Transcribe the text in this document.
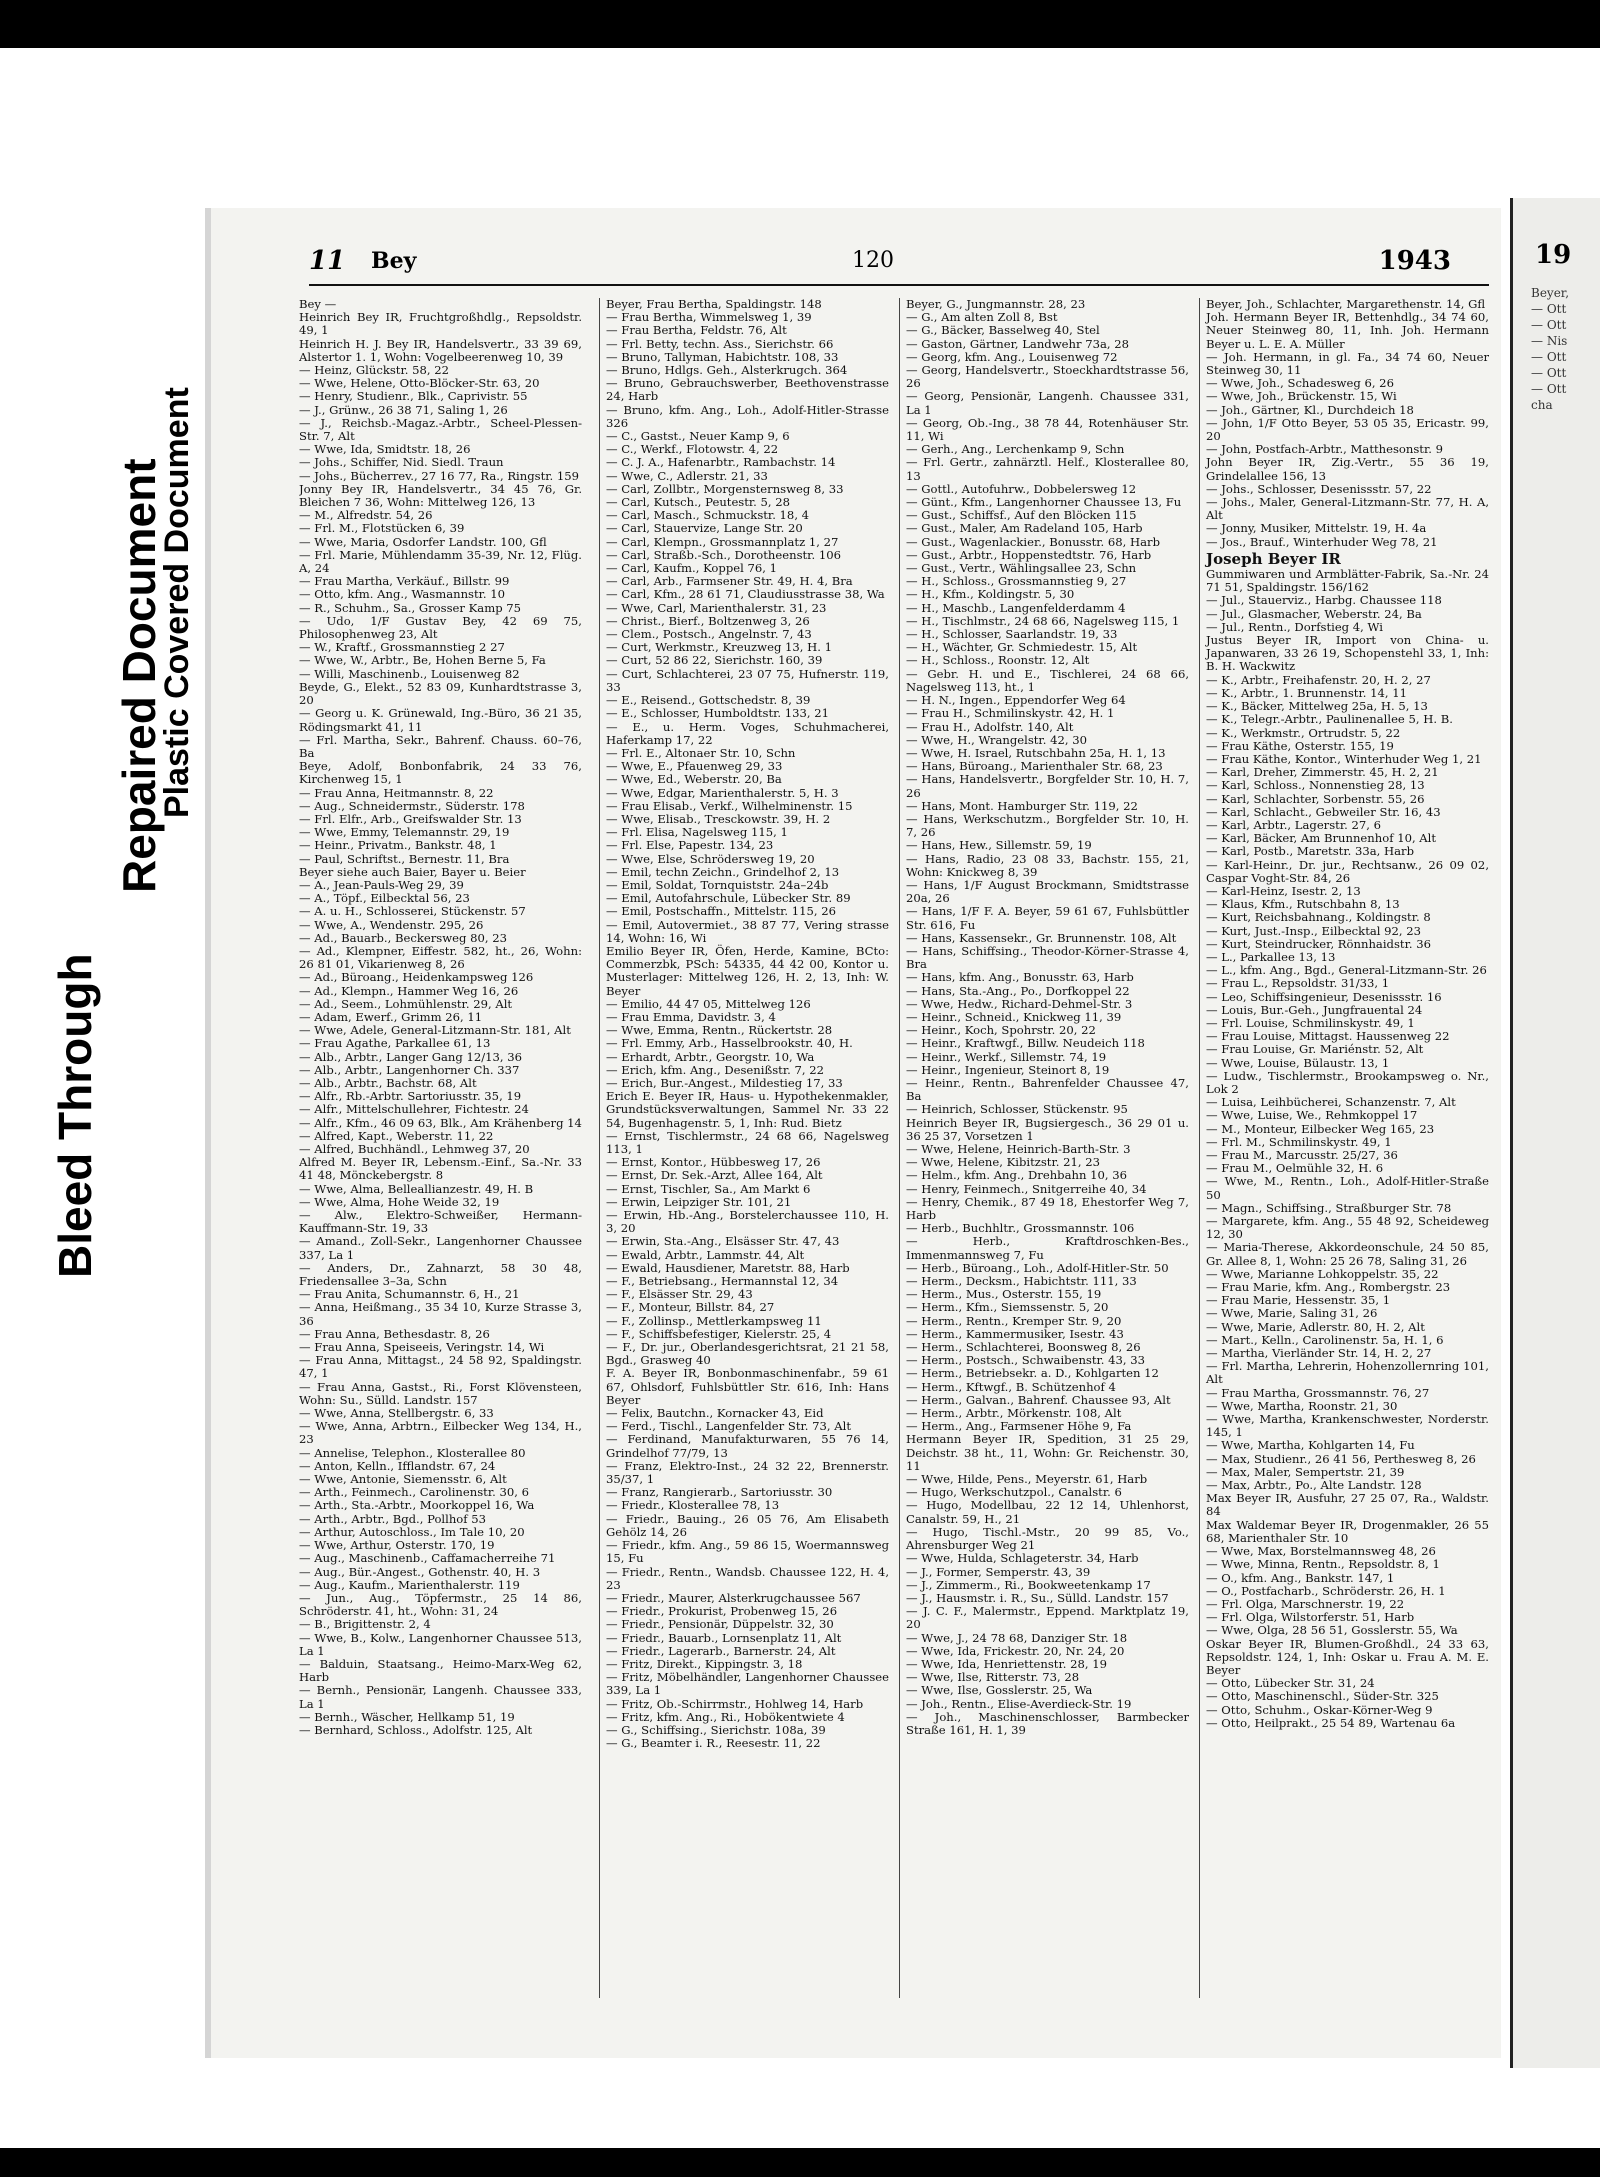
Bleed Through
Repaired Document
Plastic Covered Document
11 Bey	120	1943

Bey —

Heinrich Bey IR, Fruchtgroßhdlg., Repsoldstr. 49, 1

Heinrich H. J. Bey IR, Handelsvertr., 33 39 69, Alstertor 1. 1, Wohn: Vogelbeerenweg 10, 39

— Heinz, Glückstr. 58, 22

— Wwe, Helene, Otto-Blöcker-Str. 63, 20

— Henry, Studienr., Blk., Caprivistr. 55

— J., Grünw., 26 38 71, Saling 1, 26

— J., Reichsb.-Magaz.-Arbtr., Scheel-Plessen-Str. 7, Alt

— Wwe, Ida, Smidtstr. 18, 26

— Johs., Schiffer, Nid. Siedl. Traun

— Johs., Bücherrev., 27 16 77, Ra., Ringstr. 159

Jonny Bey IR, Handelsvertr., 34 45 76, Gr. Bleichen 7 36, Wohn: Mittelweg 126, 13

— M., Alfredstr. 54, 26

— Frl. M., Flotstücken 6, 39

— Wwe, Maria, Osdorfer Landstr. 100, Gfl

— Frl. Marie, Mühlendamm 35-39, Nr. 12, Flüg. A, 24

— Frau Martha, Verkäuf., Billstr. 99

— Otto, kfm. Ang., Wasmannstr. 10

— R., Schuhm., Sa., Grosser Kamp 75

— Udo, 1/F Gustav Bey, 42 69 75, Philosophenweg 23, Alt

— W., Kraftf., Grossmannstieg 2 27

— Wwe, W., Arbtr., Be, Hohen Berne 5, Fa

— Willi, Maschinenb., Louisenweg 82

Beyde, G., Elekt., 52 83 09, Kunhardtstrasse 3, 20

— Georg u. K. Grünewald, Ing.-Büro, 36 21 35, Rödingsmarkt 41, 11

— Frl. Martha, Sekr., Bahrenf. Chauss. 60–76, Ba

Beye, Adolf, Bonbonfabrik, 24 33 76, Kirchenweg 15, 1

— Frau Anna, Heitmannstr. 8, 22

— Aug., Schneidermstr., Süderstr. 178

— Frl. Elfr., Arb., Greifswalder Str. 13

— Wwe, Emmy, Telemannstr. 29, 19

— Heinr., Privatm., Bankstr. 48, 1

— Paul, Schriftst., Bernestr. 11, Bra

Beyer siehe auch Baier, Bayer u. Beier

— A., Jean-Pauls-Weg 29, 39

— A., Töpf., Eilbecktal 56, 23

— A. u. H., Schlosserei, Stückenstr. 57

— Wwe, A., Wendenstr. 295, 26

— Ad., Bauarb., Beckersweg 80, 23

— Ad., Klempner, Eiffestr. 582, ht., 26, Wohn: 26 81 01, Vikarienweg 8, 26

— Ad., Büroang., Heidenkampsweg 126

— Ad., Klempn., Hammer Weg 16, 26

— Ad., Seem., Lohmühlenstr. 29, Alt

— Adam, Ewerf., Grimm 26, 11

— Wwe, Adele, General-Litzmann-Str. 181, Alt

— Frau Agathe, Parkallee 61, 13

— Alb., Arbtr., Langer Gang 12/13, 36

— Alb., Arbtr., Langenhorner Ch. 337

— Alb., Arbtr., Bachstr. 68, Alt

— Alfr., Rb.-Arbtr. Sartoriusstr. 35, 19

— Alfr., Mittelschullehrer, Fichtestr. 24

— Alfr., Kfm., 46 09 63, Blk., Am Krähenberg 14

— Alfred, Kapt., Weberstr. 11, 22

— Alfred, Buchhändl., Lehmweg 37, 20

Alfred M. Beyer IR, Lebensm.-Einf., Sa.-Nr. 33 41 48, Mönckebergstr. 8

— Wwe, Alma, Belleallianzestr. 49, H. B

— Wwe, Alma, Hohe Weide 32, 19

— Alw., Elektro-Schweißer, Hermann-Kauffmann-Str. 19, 33

— Amand., Zoll-Sekr., Langenhorner Chaussee 337, La 1

— Anders, Dr., Zahnarzt, 58 30 48, Friedensallee 3–3a, Schn

— Frau Anita, Schumannstr. 6, H., 21

— Anna, Heißmang., 35 34 10, Kurze Strasse 3, 36

— Frau Anna, Bethesdastr. 8, 26

— Frau Anna, Speiseeis, Veringstr. 14, Wi

— Frau Anna, Mittagst., 24 58 92, Spaldingstr. 47, 1

— Frau Anna, Gastst., Ri., Forst Klövensteen, Wohn: Su., Sülld. Landstr. 157

— Wwe, Anna, Stellbergstr. 6, 33

— Wwe, Anna, Arbtrn., Eilbecker Weg 134, H., 23

— Annelise, Telephon., Klosterallee 80

— Anton, Kelln., Ifflandstr. 67, 24

— Wwe, Antonie, Siemensstr. 6, Alt

— Arth., Feinmech., Carolinenstr. 30, 6

— Arth., Sta.-Arbtr., Moorkoppel 16, Wa

— Arth., Arbtr., Bgd., Pollhof 53

— Arthur, Autoschloss., Im Tale 10, 20

— Wwe, Arthur, Osterstr. 170, 19

— Aug., Maschinenb., Caffamacherreihe 71

— Aug., Bür.-Angest., Gothenstr. 40, H. 3

— Aug., Kaufm., Marienthalerstr. 119

— Jun., Aug., Töpfermstr., 25 14 86, Schröderstr. 41, ht., Wohn: 31, 24

— B., Brigittenstr. 2, 4

— Wwe, B., Kolw., Langenhorner Chaussee 513, La 1

— Balduin, Staatsang., Heimo-Marx-Weg 62, Harb

— Bernh., Pensionär, Langenh. Chaussee 333, La 1

— Bernh., Wäscher, Hellkamp 51, 19

— Bernhard, Schloss., Adolfstr. 125, Alt

Beyer, Frau Bertha, Spaldingstr. 148

— Frau Bertha, Wimmelsweg 1, 39

— Frau Bertha, Feldstr. 76, Alt

— Frl. Betty, techn. Ass., Sierichstr. 66

— Bruno, Tallyman, Habichtstr. 108, 33

— Bruno, Hdlgs. Geh., Alsterkrugch. 364

— Bruno, Gebrauchswerber, Beethovenstrasse 24, Harb

— Bruno, kfm. Ang., Loh., Adolf-Hitler-Strasse 326

— C., Gastst., Neuer Kamp 9, 6

— C., Werkf., Flotowstr. 4, 22

— C. J. A., Hafenarbtr., Rambachstr. 14

— Wwe, C., Adlerstr. 21, 33

— Carl, Zollbtr., Morgensternsweg 8, 33

— Carl, Kutsch., Peutestr. 5, 28

— Carl, Masch., Schmuckstr. 18, 4

— Carl, Stauervize, Lange Str. 20

— Carl, Klempn., Grossmannplatz 1, 27

— Carl, Straßb.-Sch., Dorotheenstr. 106

— Carl, Kaufm., Koppel 76, 1

— Carl, Arb., Farmsener Str. 49, H. 4, Bra

— Carl, Kfm., 28 61 71, Claudiusstrasse 38, Wa

— Wwe, Carl, Marienthalerstr. 31, 23

— Christ., Bierf., Boltzenweg 3, 26

— Clem., Postsch., Angelnstr. 7, 43

— Curt, Werkmstr., Kreuzweg 13, H. 1

— Curt, 52 86 22, Sierichstr. 160, 39

— Curt, Schlachterei, 23 07 75, Hufnerstr. 119, 33

— E., Reisend., Gottschedstr. 8, 39

— E., Schlosser, Humboldtstr. 133, 21

— E., u. Herm. Voges, Schuhmacherei, Haferkamp 17, 22

— Frl. E., Altonaer Str. 10, Schn

— Wwe, E., Pfauenweg 29, 33

— Wwe, Ed., Weberstr. 20, Ba

— Wwe, Edgar, Marienthalerstr. 5, H. 3

— Frau Elisab., Verkf., Wilhelminenstr. 15

— Wwe, Elisab., Tresckowstr. 39, H. 2

— Frl. Elisa, Nagelsweg 115, 1

— Frl. Else, Papestr. 134, 23

— Wwe, Else, Schrödersweg 19, 20

— Emil, techn Zeichn., Grindelhof 2, 13

— Emil, Soldat, Tornquiststr. 24a–24b

— Emil, Autofahrschule, Lübecker Str. 89

— Emil, Postschaffn., Mittelstr. 115, 26

— Emil, Autovermiet., 38 87 77, Vering strasse 14, Wohn: 16, Wi

Emilio Beyer IR, Öfen, Herde, Kamine, BCto: Commerzbk, PSch: 54335, 44 42 00, Kontor u. Musterlager: Mittelweg 126, H. 2, 13, Inh: W. Beyer

— Emilio, 44 47 05, Mittelweg 126

— Frau Emma, Davidstr. 3, 4

— Wwe, Emma, Rentn., Rückertstr. 28

— Frl. Emmy, Arb., Hasselbrookstr. 40, H.

— Erhardt, Arbtr., Georgstr. 10, Wa

— Erich, kfm. Ang., Desenißstr. 7, 22

— Erich, Bur.-Angest., Mildestieg 17, 33

Erich E. Beyer IR, Haus- u. Hypothekenmakler, Grundstücksverwaltungen, Sammel Nr. 33 22 54, Bugenhagenstr. 5, 1, Inh: Rud. Bietz

— Ernst, Tischlermstr., 24 68 66, Nagelsweg 113, 1

— Ernst, Kontor., Hübbesweg 17, 26

— Ernst, Dr. Sek.-Arzt, Allee 164, Alt

— Ernst, Tischler, Sa., Am Markt 6

— Erwin, Leipziger Str. 101, 21

— Erwin, Hb.-Ang., Borstelerchaussee 110, H. 3, 20

— Erwin, Sta.-Ang., Elsässer Str. 47, 43

— Ewald, Arbtr., Lammstr. 44, Alt

— Ewald, Hausdiener, Maretstr. 88, Harb

— F., Betriebsang., Hermannstal 12, 34

— F., Elsässer Str. 29, 43

— F., Monteur, Billstr. 84, 27

— F., Zollinsp., Mettlerkampsweg 11

— F., Schiffsbefestiger, Kielerstr. 25, 4

— F., Dr. jur., Oberlandesgerichtsrat, 21 21 58, Bgd., Grasweg 40

F. A. Beyer IR, Bonbonmaschinenfabr., 59 61 67, Ohlsdorf, Fuhlsbüttler Str. 616, Inh: Hans Beyer

— Felix, Bautchn., Kornacker 43, Eid

— Ferd., Tischl., Langenfelder Str. 73, Alt

— Ferdinand, Manufakturwaren, 55 76 14, Grindelhof 77/79, 13

— Franz, Elektro-Inst., 24 32 22, Brennerstr. 35/37, 1

— Franz, Rangierarb., Sartoriusstr. 30

— Friedr., Klosterallee 78, 13

— Friedr., Bauing., 26 05 76, Am Elisabeth Gehölz 14, 26

— Friedr., kfm. Ang., 59 86 15, Woermannsweg 15, Fu

— Friedr., Rentn., Wandsb. Chaussee 122, H. 4, 23

— Friedr., Maurer, Alsterkrugchaussee 567

— Friedr., Prokurist, Probenweg 15, 26

— Friedr., Pensionär, Düppelstr. 32, 30

— Friedr., Bauarb., Lornsenplatz 11, Alt

— Friedr., Lagerarb., Barnerstr. 24, Alt

— Fritz, Direkt., Kippingstr. 3, 18

— Fritz, Möbelhändler, Langenhorner Chaussee 339, La 1

— Fritz, Ob.-Schirrmstr., Hohlweg 14, Harb

— Fritz, kfm. Ang., Ri., Hobökentwiete 4

— G., Schiffsing., Sierichstr. 108a, 39

— G., Beamter i. R., Reesestr. 11, 22

Beyer, G., Jungmannstr. 28, 23

— G., Am alten Zoll 8, Bst

— G., Bäcker, Basselweg 40, Stel

— Gaston, Gärtner, Landwehr 73a, 28

— Georg, kfm. Ang., Louisenweg 72

— Georg, Handelsvertr., Stoeckhardtstrasse 56, 26

— Georg, Pensionär, Langenh. Chaussee 331, La 1

— Georg, Ob.-Ing., 38 78 44, Rotenhäuser Str. 11, Wi

— Gerh., Ang., Lerchenkamp 9, Schn

— Frl. Gertr., zahnärztl. Helf., Klosterallee 80, 13

— Gottl., Autofuhrw., Dobbelersweg 12

— Günt., Kfm., Langenhorner Chaussee 13, Fu

— Gust., Schiffsf., Auf den Blöcken 115

— Gust., Maler, Am Radeland 105, Harb

— Gust., Wagenlackier., Bonusstr. 68, Harb

— Gust., Arbtr., Hoppenstedtstr. 76, Harb

— Gust., Vertr., Wählingsallee 23, Schn

— H., Schloss., Grossmannstieg 9, 27

— H., Kfm., Koldingstr. 5, 30

— H., Maschb., Langenfelderdamm 4

— H., Tischlmstr., 24 68 66, Nagelsweg 115, 1

— H., Schlosser, Saarlandstr. 19, 33

— H., Wächter, Gr. Schmiedestr. 15, Alt

— H., Schloss., Roonstr. 12, Alt

— Gebr. H. und E., Tischlerei, 24 68 66, Nagelsweg 113, ht., 1

— H. N., Ingen., Eppendorfer Weg 64

— Frau H., Schmilinskystr. 42, H. 1

— Frau H., Adolfstr. 140, Alt

— Wwe, H., Wrangelstr. 42, 30

— Wwe, H. Israel, Rutschbahn 25a, H. 1, 13

— Hans, Büroang., Marienthaler Str. 68, 23

— Hans, Handelsvertr., Borgfelder Str. 10, H. 7, 26

— Hans, Mont. Hamburger Str. 119, 22

— Hans, Werkschutzm., Borgfelder Str. 10, H. 7, 26

— Hans, Hew., Sillemstr. 59, 19

— Hans, Radio, 23 08 33, Bachstr. 155, 21, Wohn: Knickweg 8, 39

— Hans, 1/F August Brockmann, Smidtstrasse 20a, 26

— Hans, 1/F F. A. Beyer, 59 61 67, Fuhlsbüttler Str. 616, Fu

— Hans, Kassensekr., Gr. Brunnenstr. 108, Alt

— Hans, Schiffsing., Theodor-Körner-Strasse 4, Bra

— Hans, kfm. Ang., Bonusstr. 63, Harb

— Hans, Sta.-Ang., Po., Dorfkoppel 22

— Wwe, Hedw., Richard-Dehmel-Str. 3

— Heinr., Schneid., Knickweg 11, 39

— Heinr., Koch, Spohrstr. 20, 22

— Heinr., Kraftwgf., Billw. Neudeich 118

— Heinr., Werkf., Sillemstr. 74, 19

— Heinr., Ingenieur, Steinort 8, 19

— Heinr., Rentn., Bahrenfelder Chaussee 47, Ba

— Heinrich, Schlosser, Stückenstr. 95

Heinrich Beyer IR, Bugsiergesch., 36 29 01 u. 36 25 37, Vorsetzen 1

— Wwe, Helene, Heinrich-Barth-Str. 3

— Wwe, Helene, Kibitzstr. 21, 23

— Helm., kfm. Ang., Drehbahn 10, 36

— Henry, Feinmech., Snitgerreihe 40, 34

— Henry, Chemik., 87 49 18, Ehestorfer Weg 7, Harb

— Herb., Buchhltr., Grossmannstr. 106

— Herb., Kraftdroschken-Bes., Immenmannsweg 7, Fu

— Herb., Büroang., Loh., Adolf-Hitler-Str. 50

— Herm., Decksm., Habichtstr. 111, 33

— Herm., Mus., Osterstr. 155, 19

— Herm., Kfm., Siemssenstr. 5, 20

— Herm., Rentn., Kremper Str. 9, 20

— Herm., Kammermusiker, Isestr. 43

— Herm., Schlachterei, Boonsweg 8, 26

— Herm., Postsch., Schwaibenstr. 43, 33

— Herm., Betriebsekr. a. D., Kohlgarten 12

— Herm., Kftwgf., B. Schützenhof 4

— Herm., Galvan., Bahrenf. Chaussee 93, Alt

— Herm., Arbtr., Mörkenstr. 108, Alt

— Herm., Ang., Farmsener Höhe 9, Fa

Hermann Beyer IR, Spedition, 31 25 29, Deichstr. 38 ht., 11, Wohn: Gr. Reichenstr. 30, 11

— Wwe, Hilde, Pens., Meyerstr. 61, Harb

— Hugo, Werkschutzpol., Canalstr. 6

— Hugo, Modellbau, 22 12 14, Uhlenhorst, Canalstr. 59, H., 21

— Hugo, Tischl.-Mstr., 20 99 85, Vo., Ahrensburger Weg 21

— Wwe, Hulda, Schlageterstr. 34, Harb

— J., Former, Semperstr. 43, 39

— J., Zimmerm., Ri., Bookweetenkamp 17

— J., Hausmstr. i. R., Su., Sülld. Landstr. 157

— J. C. F., Malermstr., Eppend. Marktplatz 19, 20

— Wwe, J., 24 78 68, Danziger Str. 18

— Wwe, Ida, Frickestr. 20, Nr. 24, 20

— Wwe, Ida, Henriettenstr. 28, 19

— Wwe, Ilse, Ritterstr. 73, 28

— Wwe, Ilse, Gosslerstr. 25, Wa

— Joh., Rentn., Elise-Averdieck-Str. 19

— Joh., Maschinenschlosser, Barmbecker Straße 161, H. 1, 39

Beyer, Joh., Schlachter, Margarethenstr. 14, Gfl

Joh. Hermann Beyer IR, Bettenhdlg., 34 74 60, Neuer Steinweg 80, 11, Inh. Joh. Hermann Beyer u. L. E. A. Müller

— Joh. Hermann, in gl. Fa., 34 74 60, Neuer Steinweg 30, 11

— Wwe, Joh., Schadesweg 6, 26

— Wwe, Joh., Brückenstr. 15, Wi

— Joh., Gärtner, Kl., Durchdeich 18

— John, 1/F Otto Beyer, 53 05 35, Ericastr. 99, 20

— John, Postfach-Arbtr., Matthesonstr. 9

John Beyer IR, Zig.-Vertr., 55 36 19, Grindelallee 156, 13

— Johs., Schlosser, Desenissstr. 57, 22

— Johs., Maler, General-Litzmann-Str. 77, H. A, Alt

— Jonny, Musiker, Mittelstr. 19, H. 4a

— Jos., Brauf., Winterhuder Weg 78, 21

Joseph Beyer IR

Gummiwaren und Armblätter-Fabrik, Sa.-Nr. 24 71 51, Spaldingstr. 156/162

— Jul., Stauerviz., Harbg. Chaussee 118

— Jul., Glasmacher, Weberstr. 24, Ba

— Jul., Rentn., Dorfstieg 4, Wi

Justus Beyer IR, Import von China- u. Japanwaren, 33 26 19, Schopenstehl 33, 1, Inh: B. H. Wackwitz

— K., Arbtr., Freihafenstr. 20, H. 2, 27

— K., Arbtr., 1. Brunnenstr. 14, 11

— K., Bäcker, Mittelweg 25a, H. 5, 13

— K., Telegr.-Arbtr., Paulinenallee 5, H. B.

— K., Werkmstr., Ortrudstr. 5, 22

— Frau Käthe, Osterstr. 155, 19

— Frau Käthe, Kontor., Winterhuder Weg 1, 21

— Karl, Dreher, Zimmerstr. 45, H. 2, 21

— Karl, Schloss., Nonnenstieg 28, 13

— Karl, Schlachter, Sorbenstr. 55, 26

— Karl, Schlacht., Gebweiler Str. 16, 43

— Karl, Arbtr., Lagerstr. 27, 6

— Karl, Bäcker, Am Brunnenhof 10, Alt

— Karl, Postb., Maretstr. 33a, Harb

— Karl-Heinr., Dr. jur., Rechtsanw., 26 09 02, Caspar Voght-Str. 84, 26

— Karl-Heinz, Isestr. 2, 13

— Klaus, Kfm., Rutschbahn 8, 13

— Kurt, Reichsbahnang., Koldingstr. 8

— Kurt, Just.-Insp., Eilbecktal 92, 23

— Kurt, Steindrucker, Rönnhaidstr. 36

— L., Parkallee 13, 13

— L., kfm. Ang., Bgd., General-Litzmann-Str. 26

— Frau L., Repsoldstr. 31/33, 1

— Leo, Schiffsingenieur, Desenissstr. 16

— Louis, Bur.-Geh., Jungfrauental 24

— Frl. Louise, Schmilinskystr. 49, 1

— Frau Louise, Mittagst. Haussenweg 22

— Frau Louise, Gr. Mariénstr. 52, Alt

— Wwe, Louise, Bülaustr. 13, 1

— Ludw., Tischlermstr., Brookampsweg o. Nr., Lok 2

— Luisa, Leihbücherei, Schanzenstr. 7, Alt

— Wwe, Luise, We., Rehmkoppel 17

— M., Monteur, Eilbecker Weg 165, 23

— Frl. M., Schmilinskystr. 49, 1

— Frau M., Marcusstr. 25/27, 36

— Frau M., Oelmühle 32, H. 6

— Wwe, M., Rentn., Loh., Adolf-Hitler-Straße 50

— Magn., Schiffsing., Straßburger Str. 78

— Margarete, kfm. Ang., 55 48 92, Scheideweg 12, 30

— Maria-Therese, Akkordeonschule, 24 50 85, Gr. Allee 8, 1, Wohn: 25 26 78, Saling 31, 26

— Wwe, Marianne Lohkoppelstr. 35, 22

— Frau Marie, kfm. Ang., Rombergstr. 23

— Frau Marie, Hessenstr. 35, 1

— Wwe, Marie, Saling 31, 26

— Wwe, Marie, Adlerstr. 80, H. 2, Alt

— Mart., Kelln., Carolinenstr. 5a, H. 1, 6

— Martha, Vierländer Str. 14, H. 2, 27

— Frl. Martha, Lehrerin, Hohenzollernring 101, Alt

— Frau Martha, Grossmannstr. 76, 27

— Wwe, Martha, Roonstr. 21, 30

— Wwe, Martha, Krankenschwester, Norderstr. 145, 1

— Wwe, Martha, Kohlgarten 14, Fu

— Max, Studienr., 26 41 56, Perthesweg 8, 26

— Max, Maler, Sempertstr. 21, 39

— Max, Arbtr., Po., Alte Landstr. 128

Max Beyer IR, Ausfuhr, 27 25 07, Ra., Waldstr. 84

Max Waldemar Beyer IR, Drogenmakler, 26 55 68, Marienthaler Str. 10

— Wwe, Max, Borstelmannsweg 48, 26

— Wwe, Minna, Rentn., Repsoldstr. 8, 1

— O., kfm. Ang., Bankstr. 147, 1

— O., Postfacharb., Schröderstr. 26, H. 1

— Frl. Olga, Marschnerstr. 19, 22

— Frl. Olga, Wilstorferstr. 51, Harb

— Wwe, Olga, 28 56 51, Gosslerstr. 55, Wa

Oskar Beyer IR, Blumen-Großhdl., 24 33 63, Repsoldstr. 124, 1, Inh: Oskar u. Frau A. M. E. Beyer

— Otto, Lübecker Str. 31, 24

— Otto, Maschinenschl., Süder-Str. 325

— Otto, Schuhm., Oskar-Körner-Weg 9

— Otto, Heilprakt., 25 54 89, Wartenau 6a

19
Beyer,
— Ott
— Ott
— Nis
— Ott
— Ott
— Ott
cha
